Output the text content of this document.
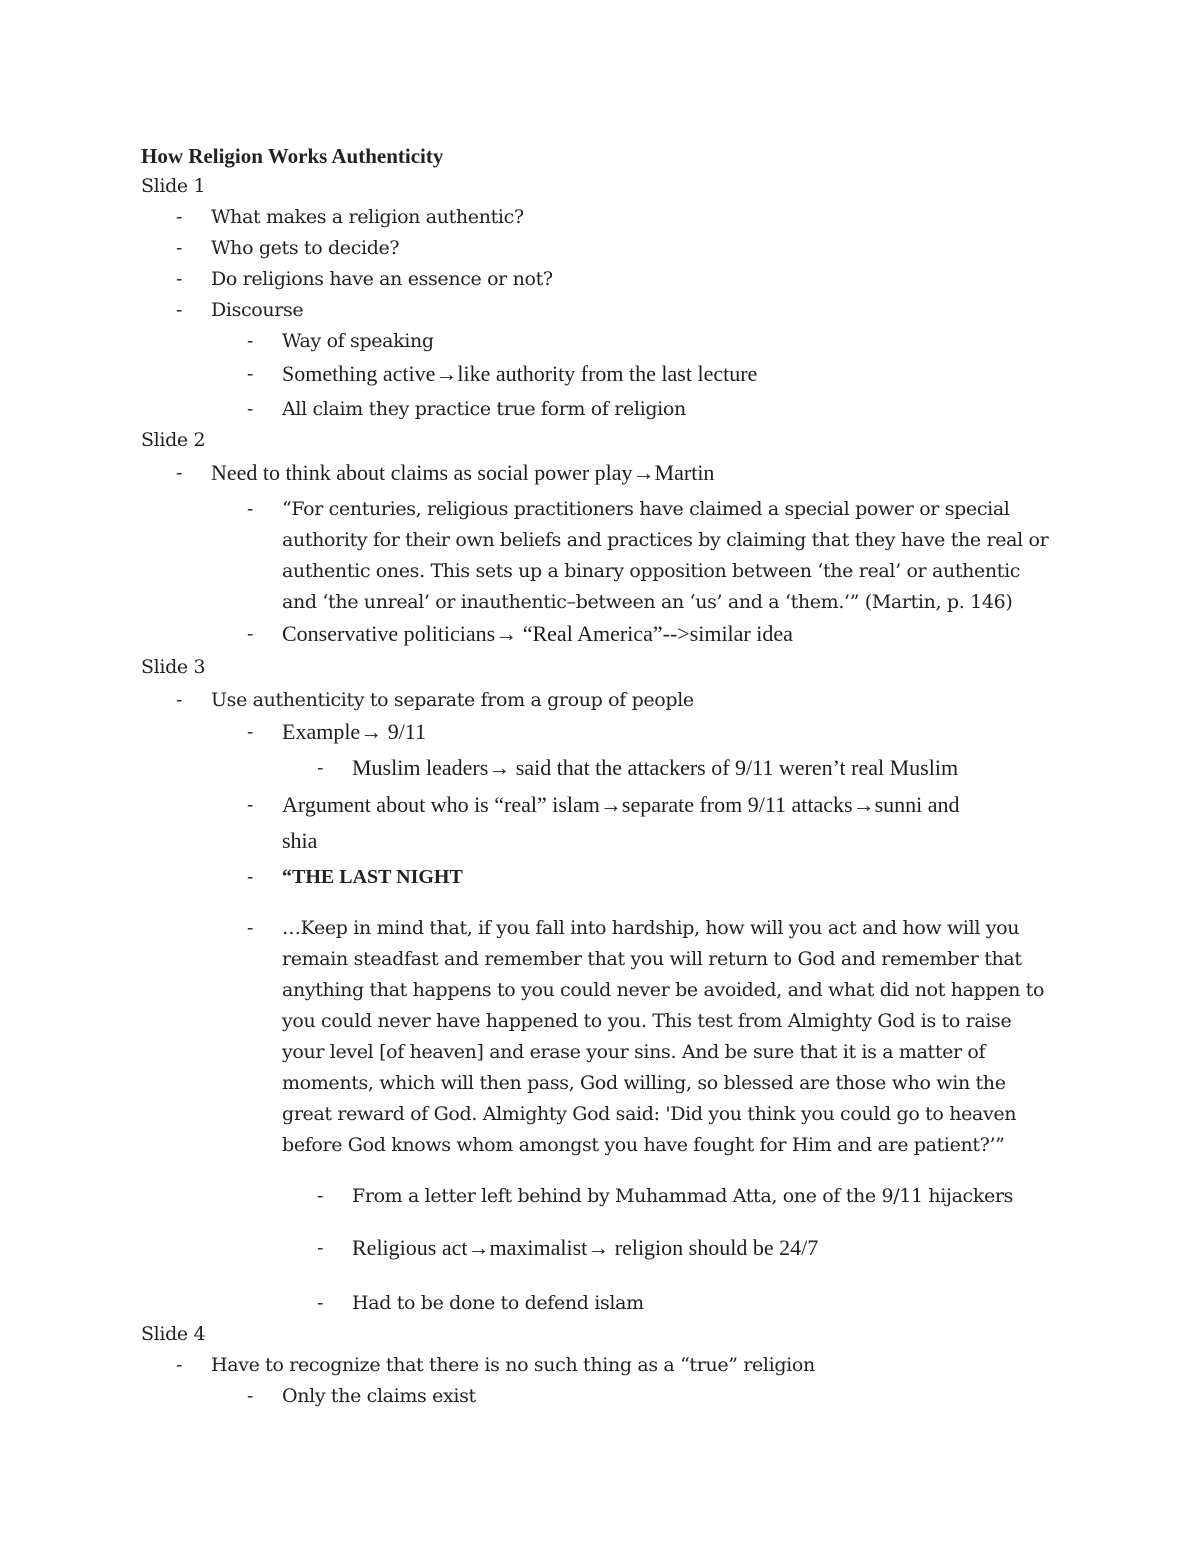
How Religion Works Authenticity
Slide 1
- What makes a religion authentic?
- Who gets to decide?
- Do religions have an essence or not?
- Discourse
- Way of speaking
- Something active→like authority from the last lecture
- All claim they practice true form of religion
Slide 2
- Need to think about claims as social power play→Martin
- “For centuries, religious practitioners have claimed a special power or special
authority for their own beliefs and practices by claiming that they have the real or
authentic ones. This sets up a binary opposition between ‘the real’ or authentic
and ‘the unreal’ or inauthentic–between an ‘us’ and a ‘them.’” (Martin, p. 146)
- Conservative politicians→ “Real America”-->similar idea
Slide 3
- Use authenticity to separate from a group of people
- Example→ 9/11
- Muslim leaders→ said that the attackers of 9/11 weren’t real Muslim
- Argument about who is “real” islam→separate from 9/11 attacks→sunni and
shia
- “THE LAST NIGHT
- …Keep in mind that, if you fall into hardship, how will you act and how will you
remain steadfast and remember that you will return to God and remember that
anything that happens to you could never be avoided, and what did not happen to
you could never have happened to you. This test from Almighty God is to raise
your level [of heaven] and erase your sins. And be sure that it is a matter of
moments, which will then pass, God willing, so blessed are those who win the
great reward of God. Almighty God said: 'Did you think you could go to heaven
before God knows whom amongst you have fought for Him and are patient?’”
- From a letter left behind by Muhammad Atta, one of the 9/11 hijackers
- Religious act→maximalist→ religion should be 24/7
- Had to be done to defend islam
Slide 4
- Have to recognize that there is no such thing as a “true” religion
- Only the claims exist
